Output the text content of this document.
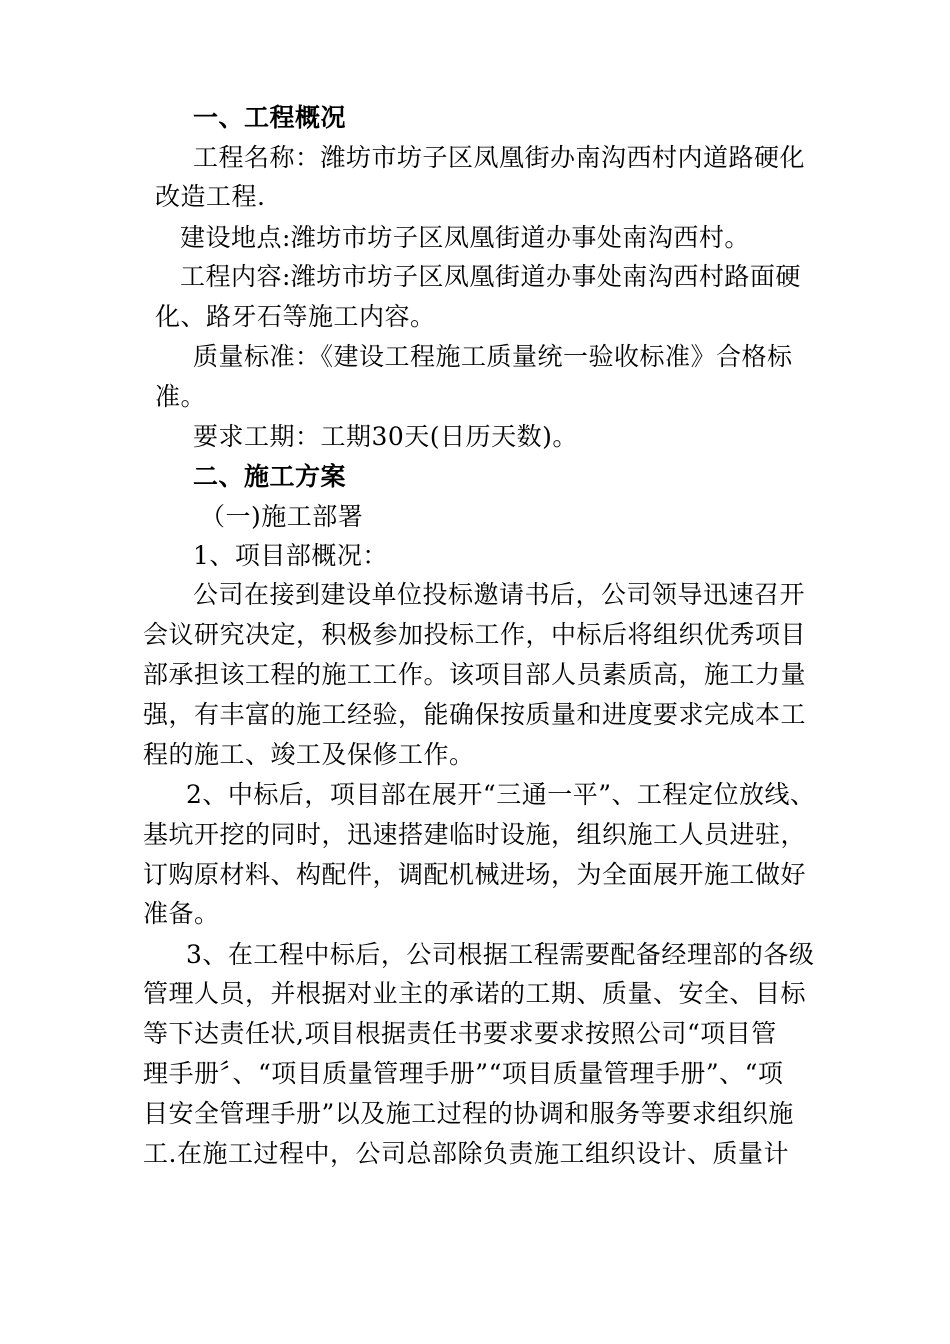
一、工程概况
工程名称：潍坊市坊子区凤凰街办南沟西村内道路硬化
改造工程.
建设地点:潍坊市坊子区凤凰街道办事处南沟西村。
工程内容:潍坊市坊子区凤凰街道办事处南沟西村路面硬
化、路牙石等施工内容。
质量标准：《建设工程施工质量统一验收标准》合格标
准。
要求工期：工期30天(日历天数)。
二、施工方案
（一)施工部署
1、项目部概况：
公司在接到建设单位投标邀请书后，公司领导迅速召开
会议研究决定，积极参加投标工作，中标后将组织优秀项目
部承担该工程的施工工作。该项目部人员素质高，施工力量
强，有丰富的施工经验，能确保按质量和进度要求完成本工
程的施工、竣工及保修工作。
2、中标后，项目部在展开“三通一平”、工程定位放线、
基坑开挖的同时，迅速搭建临时设施，组织施工人员进驻，
订购原材料、构配件，调配机械进场，为全面展开施工做好
准备。
3、在工程中标后，公司根据工程需要配备经理部的各级
管理人员，并根据对业主的承诺的工期、质量、安全、目标
等下达责任状,项目根据责任书要求要求按照公司“项目管
理手册〞、“项目质量管理手册”“项目质量管理手册”、“项
目安全管理手册”以及施工过程的协调和服务等要求组织施
工.在施工过程中，公司总部除负责施工组织设计、质量计
